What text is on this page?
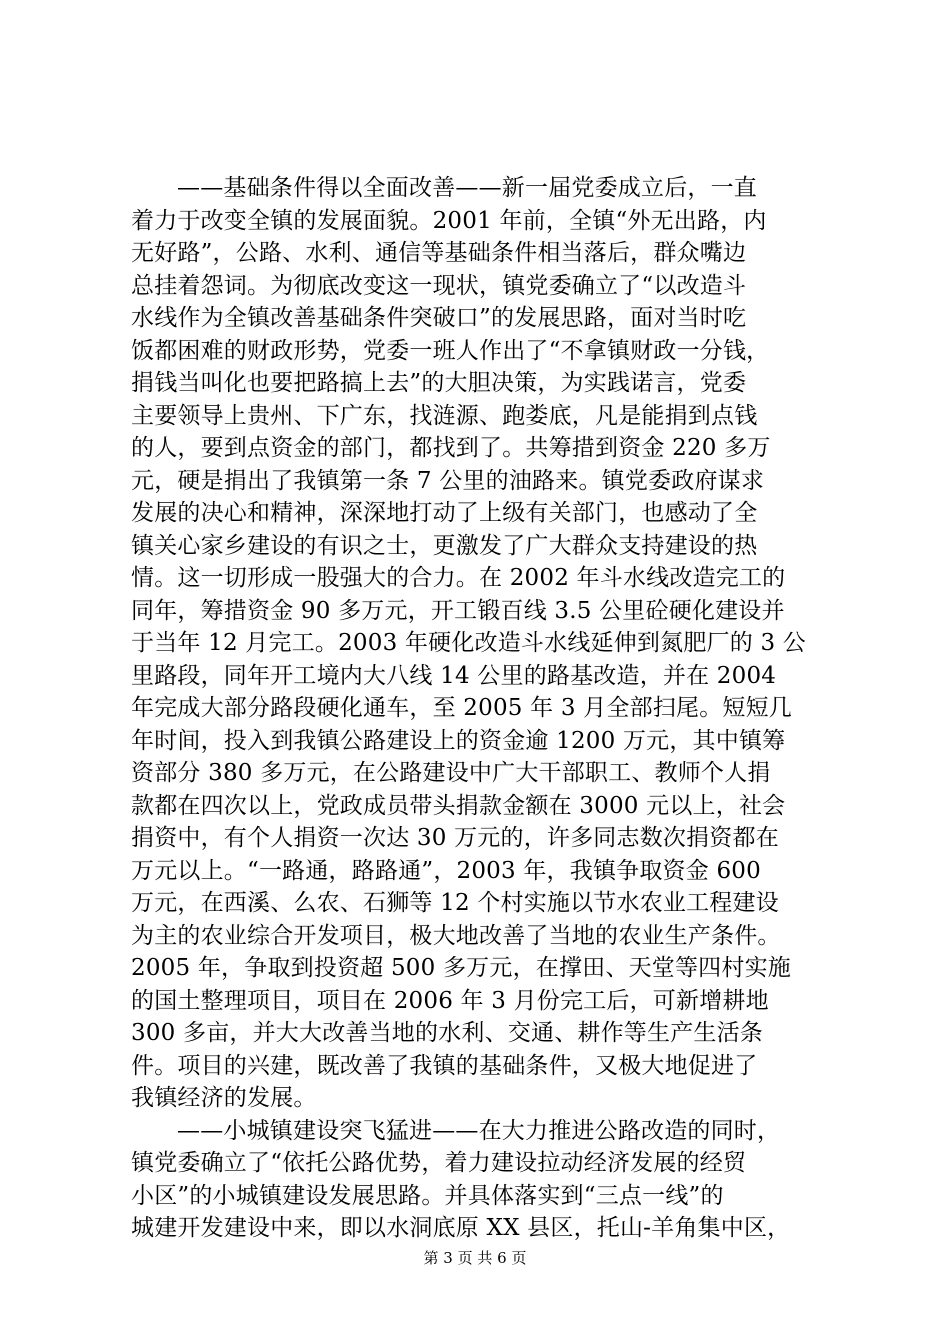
——基础条件得以全面改善——新一届党委成立后，一直
着力于改变全镇的发展面貌。2001 年前，全镇“外无出路，内
无好路”，公路、水利、通信等基础条件相当落后，群众嘴边
总挂着怨词。为彻底改变这一现状，镇党委确立了“以改造斗
水线作为全镇改善基础条件突破口”的发展思路，面对当时吃
饭都困难的财政形势，党委一班人作出了“不拿镇财政一分钱，
捐钱当叫化也要把路搞上去”的大胆决策，为实践诺言，党委
主要领导上贵州、下广东，找涟源、跑娄底，凡是能捐到点钱
的人，要到点资金的部门，都找到了。共筹措到资金 220 多万
元，硬是捐出了我镇第一条 7 公里的油路来。镇党委政府谋求
发展的决心和精神，深深地打动了上级有关部门，也感动了全
镇关心家乡建设的有识之士，更激发了广大群众支持建设的热
情。这一切形成一股强大的合力。在 2002 年斗水线改造完工的
同年，筹措资金 90 多万元，开工锻百线 3.5 公里砼硬化建设并
于当年 12 月完工。2003 年硬化改造斗水线延伸到氮肥厂的 3 公
里路段，同年开工境内大八线 14 公里的路基改造，并在 2004
年完成大部分路段硬化通车，至 2005 年 3 月全部扫尾。短短几
年时间，投入到我镇公路建设上的资金逾 1200 万元，其中镇筹
资部分 380 多万元，在公路建设中广大干部职工、教师个人捐
款都在四次以上，党政成员带头捐款金额在 3000 元以上，社会
捐资中，有个人捐资一次达 30 万元的，许多同志数次捐资都在
万元以上。“一路通，路路通”，2003 年，我镇争取资金 600
万元，在西溪、么农、石狮等 12 个村实施以节水农业工程建设
为主的农业综合开发项目，极大地改善了当地的农业生产条件。
2005 年，争取到投资超 500 多万元，在撑田、天堂等四村实施
的国土整理项目，项目在 2006 年 3 月份完工后，可新增耕地
300 多亩，并大大改善当地的水利、交通、耕作等生产生活条
件。项目的兴建，既改善了我镇的基础条件，又极大地促进了
我镇经济的发展。
——小城镇建设突飞猛进——在大力推进公路改造的同时，
镇党委确立了“依托公路优势，着力建设拉动经济发展的经贸
小区”的小城镇建设发展思路。并具体落实到“三点一线”的
城建开发建设中来，即以水洞底原 XX 县区，托山-羊角集中区，
第 3 页 共 6 页
